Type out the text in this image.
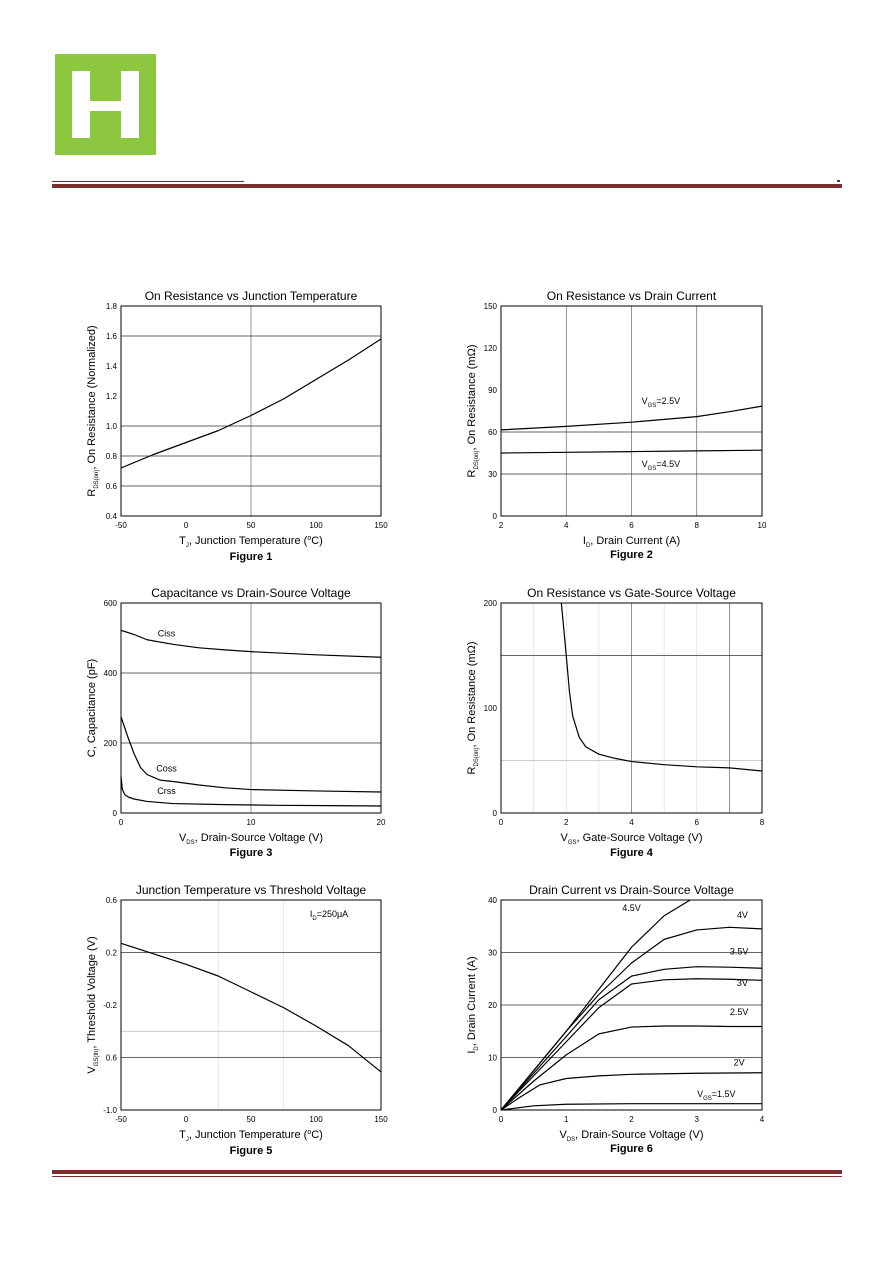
On Resistance vs Junction Temperature
-50	0	50	100	150
0.4
0.6
0.8
1.0
1.2
1.4
1.6
1.8
TJ, Junction Temperature (oC)
RDS(on), On Resistance (Normalized)
Figure 1
On Resistance vs Drain Current
2	4	6	8	10
0
30
60
90
120
150
ID, Drain Current (A)
RDS(on), On Resistance (mΩ)	VGS=2.5V
VGS=4.5V
Figure 2
Capacitance vs Drain-Source Voltage
0	10	20
0
200
400
600
VDS, Drain-Source Voltage (V)
C, Capacitance (pF)
Ciss
Coss
Crss
Figure 3
On Resistance vs Gate-Source Voltage
0	2	4	6	8
0
100
200
VGS, Gate-Source Voltage (V)
RDS(on), On Resistance (mΩ)
Figure 4
Junction Temperature vs Threshold Voltage
-50	0	50	100	150
-1.0
0.6
-0.2
0.2
0.6
TJ, Junction Temperature (oC)
VGS(th), Threshold Voltage (V)
ID=250μA
Figure 5
Drain Current vs Drain-Source Voltage
0	1	2	3	4
0
10
20
30
40
VDS, Drain-Source Voltage (V)
ID, Drain Current (A)
4.5V
4V
3.5V
3V
2.5V
2V
VGS=1.5V
Figure 6
